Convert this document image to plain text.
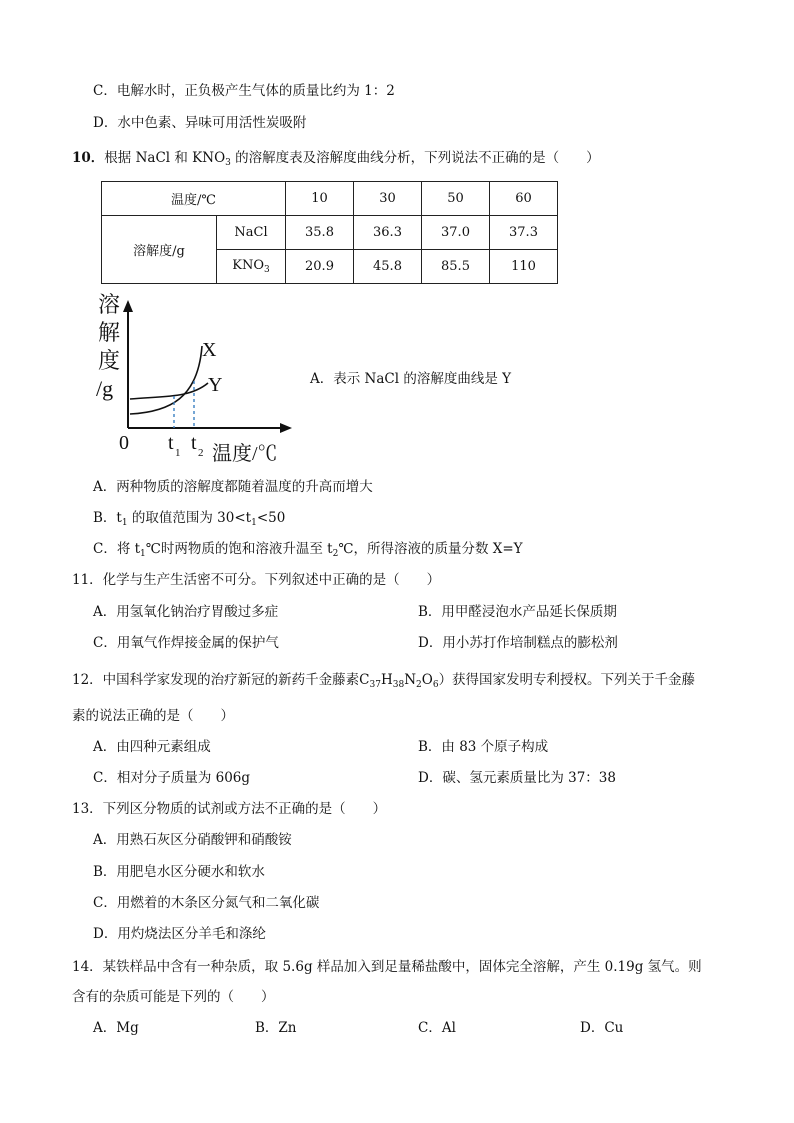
C．电解水时，正负极产生气体的质量比约为 1：2
D．水中色素、异味可用活性炭吸附
10．根据 NaCl 和 $KNO_3$ 的溶解度表及溶解度曲线分析，下列说法不正确的是（　　）
温度/℃		10	30	50	60
溶解度/g	NaCl	35.8	36.3	37.0	37.3
	$KNO_3$	20.9	45.8	85.5	110
溶
解
度
/g
X
Y
0 t 1 t 2 温度/℃
A．表示 NaCl 的溶解度曲线是 Y
A．两种物质的溶解度都随着温度的升高而增大
B．$t_1$ 的取值范围为 $30<t_1<50$
C．将 $t_1℃$时两物质的饱和溶液升温至 $t_2℃$，所得溶液的质量分数 X=Y
11．化学与生产生活密不可分。下列叙述中正确的是（　　）
A．用氢氧化钠治疗胃酸过多症	B．用甲醛浸泡水产品延长保质期
C．用氧气作焊接金属的保护气	D．用小苏打作培制糕点的膨松剂
12．中国科学家发现的治疗新冠的新药千金藤素$C_{37}H_{38}N_2O_6$）获得国家发明专利授权。下列关于千金藤
素的说法正确的是（　　）
A．由四种元素组成	B．由 83 个原子构成
C．相对分子质量为 606g	D．碳、氢元素质量比为 37：38
13．下列区分物质的试剂或方法不正确的是（　　）
A．用熟石灰区分硝酸钾和硝酸铵
B．用肥皂水区分硬水和软水
C．用燃着的木条区分氮气和二氧化碳
D．用灼烧法区分羊毛和涤纶
14．某铁样品中含有一种杂质，取 5.6g 样品加入到足量稀盐酸中，固体完全溶解，产生 0.19g 氢气。则
含有的杂质可能是下列的（　　）
A．Mg	B．Zn	C．Al	D．Cu
